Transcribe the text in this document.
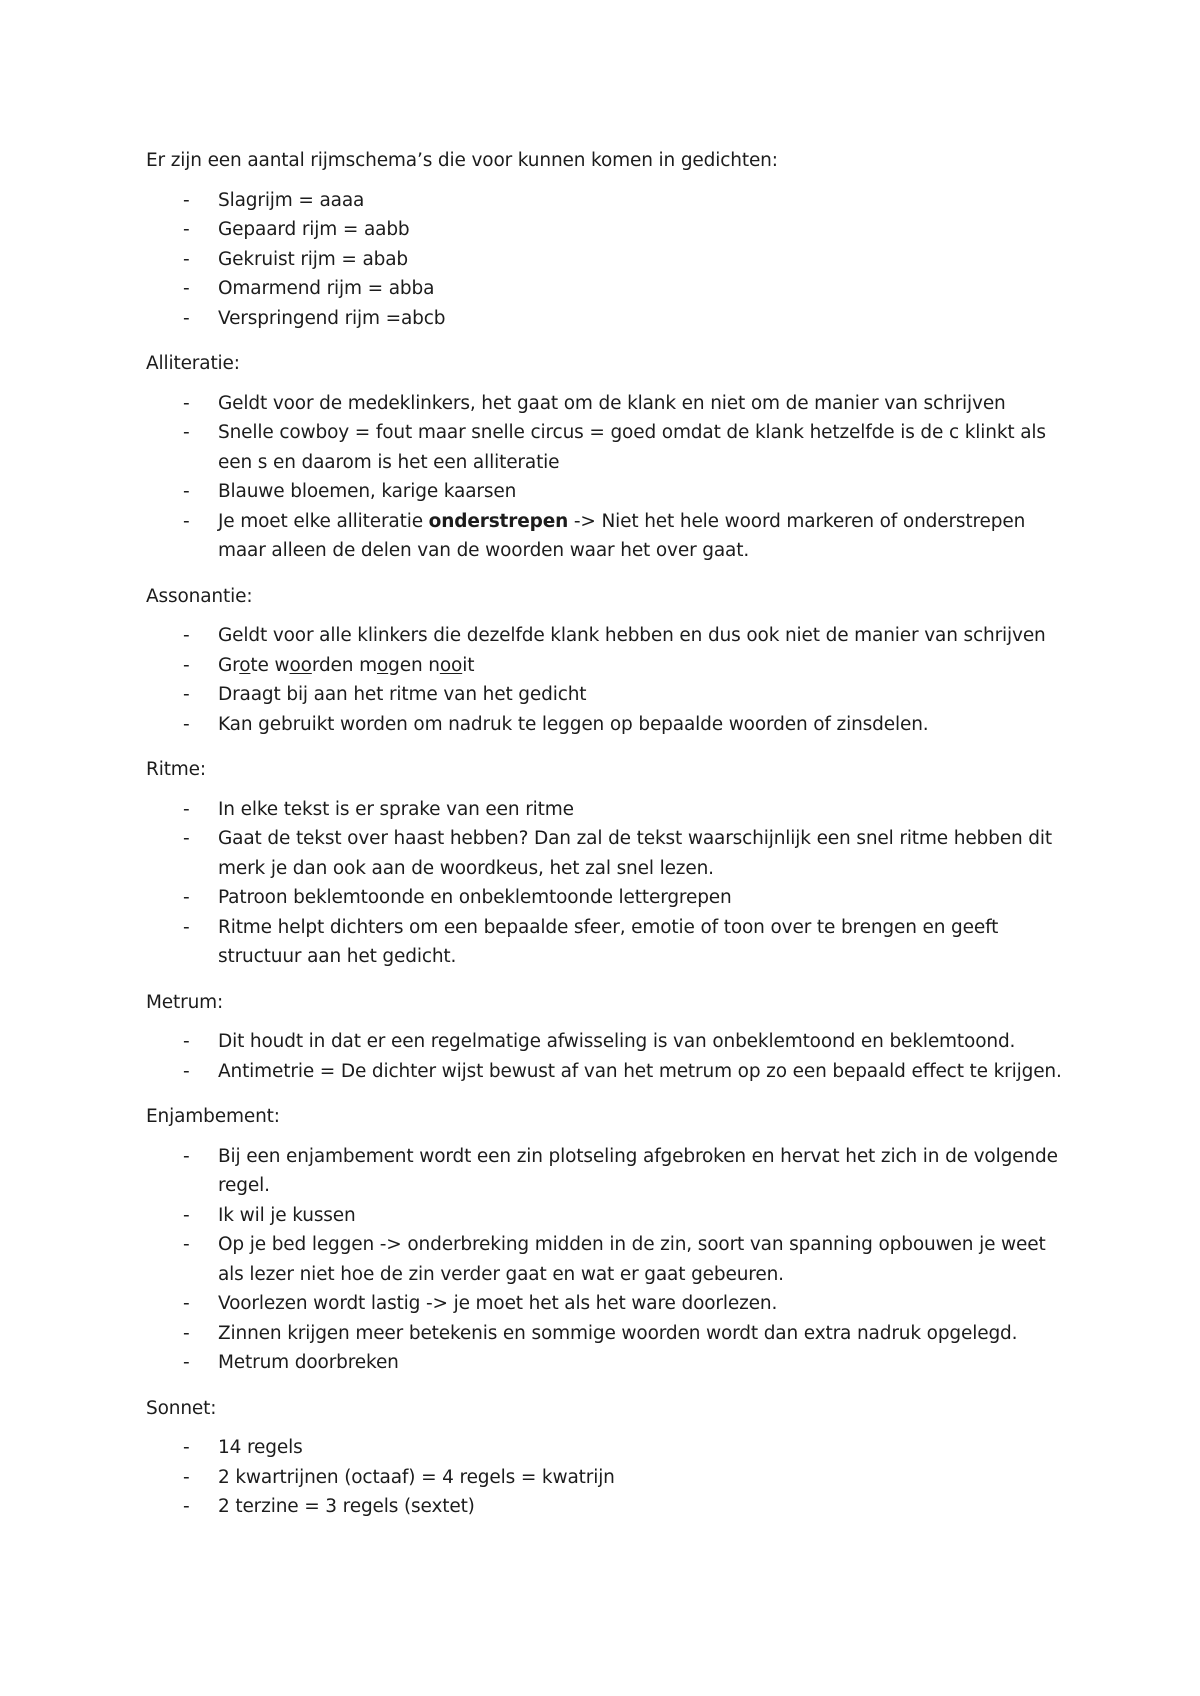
Er zijn een aantal rijmschema’s die voor kunnen komen in gedichten:

- Slagrijm = aaaa
- Gepaard rijm = aabb
- Gekruist rijm = abab
- Omarmend rijm = abba
- Verspringend rijm =abcb

Alliteratie:

- Geldt voor de medeklinkers, het gaat om de klank en niet om de manier van schrijven
- Snelle cowboy = fout maar snelle circus = goed omdat de klank hetzelfde is de c klinkt als een s en daarom is het een alliteratie
- Blauwe bloemen, karige kaarsen
- Je moet elke alliteratie onderstrepen -> Niet het hele woord markeren of onderstrepen maar alleen de delen van de woorden waar het over gaat.

Assonantie:

- Geldt voor alle klinkers die dezelfde klank hebben en dus ook niet de manier van schrijven
- Grote woorden mogen nooit
- Draagt bij aan het ritme van het gedicht
- Kan gebruikt worden om nadruk te leggen op bepaalde woorden of zinsdelen.

Ritme:

- In elke tekst is er sprake van een ritme
- Gaat de tekst over haast hebben? Dan zal de tekst waarschijnlijk een snel ritme hebben dit merk je dan ook aan de woordkeus, het zal snel lezen.
- Patroon beklemtoonde en onbeklemtoonde lettergrepen
- Ritme helpt dichters om een bepaalde sfeer, emotie of toon over te brengen en geeft structuur aan het gedicht.

Metrum:

- Dit houdt in dat er een regelmatige afwisseling is van onbeklemtoond en beklemtoond.
- Antimetrie = De dichter wijst bewust af van het metrum op zo een bepaald effect te krijgen.

Enjambement:

- Bij een enjambement wordt een zin plotseling afgebroken en hervat het zich in de volgende regel.
- Ik wil je kussen
- Op je bed leggen -> onderbreking midden in de zin, soort van spanning opbouwen je weet als lezer niet hoe de zin verder gaat en wat er gaat gebeuren.
- Voorlezen wordt lastig -> je moet het als het ware doorlezen.
- Zinnen krijgen meer betekenis en sommige woorden wordt dan extra nadruk opgelegd.
- Metrum doorbreken

Sonnet:

- 14 regels
- 2 kwartrijnen (octaaf) = 4 regels = kwatrijn
- 2 terzine = 3 regels (sextet)
